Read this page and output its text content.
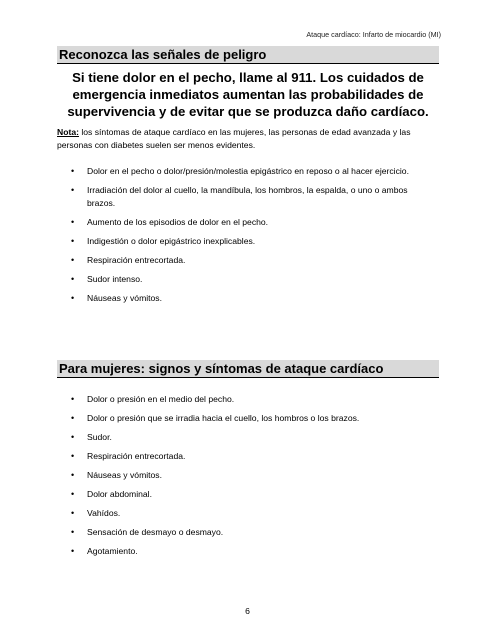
Ataque cardíaco: Infarto de miocardio (MI)
Reconozca las señales de peligro
Si tiene dolor en el pecho, llame al 911. Los cuidados de emergencia inmediatos aumentan las probabilidades de supervivencia y de evitar que se produzca daño cardíaco.
Nota: los síntomas de ataque cardíaco en las mujeres, las personas de edad avanzada y las personas con diabetes suelen ser menos evidentes.
• Dolor en el pecho o dolor/presión/molestia epigástrico en reposo o al hacer ejercicio.
• Irradiación del dolor al cuello, la mandíbula, los hombros, la espalda, o uno o ambos brazos.
• Aumento de los episodios de dolor en el pecho.
• Indigestión o dolor epigástrico inexplicables.
• Respiración entrecortada.
• Sudor intenso.
• Náuseas y vómitos.
Para mujeres: signos y síntomas de ataque cardíaco
• Dolor o presión en el medio del pecho.
• Dolor o presión que se irradia hacia el cuello, los hombros o los brazos.
• Sudor.
• Respiración entrecortada.
• Náuseas y vómitos.
• Dolor abdominal.
• Vahídos.
• Sensación de desmayo o desmayo.
• Agotamiento.
6
